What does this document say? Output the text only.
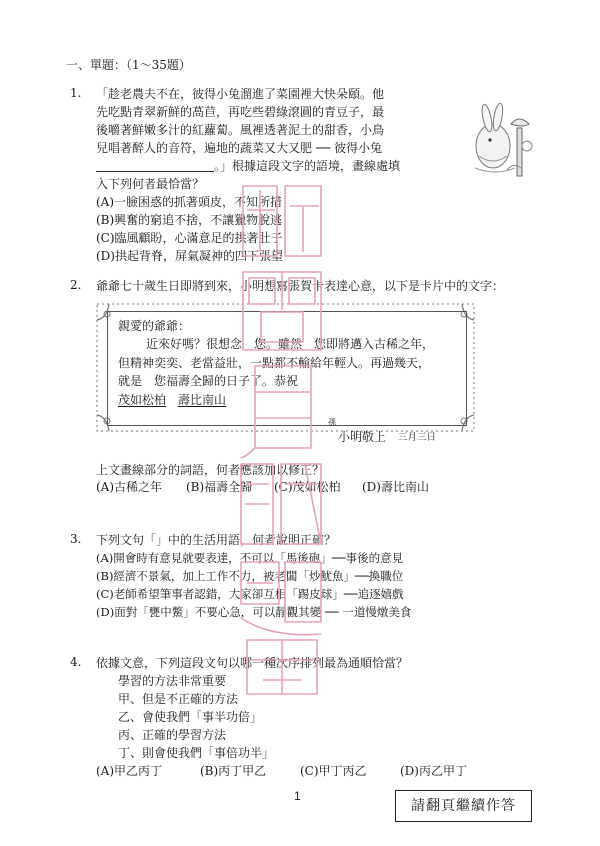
一、單題：（1～35題）
1. 「趁老農夫不在，彼得小兔溜進了菜園裡大快朵頤。他
先吃點青翠新鮮的萵苣，再吃些碧綠滾圓的青豆子，最
後嚼著鮮嫩多汁的紅蘿蔔。風裡透著泥土的甜香，小鳥
兒唱著醉人的音符，遍地的蔬菜又大又肥 ── 彼得小兔
。」根據這段文字的語境，畫線處填
入下列何者最恰當？
(A)一臉困惑的抓著頭皮，不知所措
(B)興奮的窮追不捨，不讓獵物脫逃
(C)臨風顧盼，心滿意足的拱著肚子
(D)拱起背脊，屏氣凝神的四下張望
2. 爺爺七十歲生日即將到來，小明想寫張賀卡表達心意，以下是卡片中的文字：
親愛的爺爺：
近來好嗎？很想念　您。雖然　您即將邁入古稀之年，
但精神奕奕、老當益壯，一點都不輸給年輕人。再過幾天，
就是　您福壽全歸的日子了。恭祝
茂如松柏　 壽比南山
孫
小明敬上 三月三日
上文畫線部分的詞語，何者應該加以修正？
(A)古稀之年 (B)福壽全歸 (C)茂如松柏 (D)壽比南山
3. 下列文句「」中的生活用語，何者說明正確？
(A)開會時有意見就要表達，不可以「馬後砲」──事後的意見
(B)經濟不景氣，加上工作不力，被老闆「炒魷魚」──換職位
(C)老師希望筆事者認錯，大家卻互相「踢皮球」──追逐嬉戲
(D)面對「甕中鱉」不要心急，可以靜觀其變 ── 一道慢燉美食
4. 依據文意，下列這段文句以哪一種次序排列最為通順恰當？
學習的方法非常重要
甲、但是不正確的方法
乙、會使我們「事半功倍」
丙、正確的學習方法
丁、則會使我們「事倍功半」
(A)甲乙丙丁	(B)丙丁甲乙	(C)甲丁丙乙	(D)丙乙甲丁
1
請翻頁繼續作答
